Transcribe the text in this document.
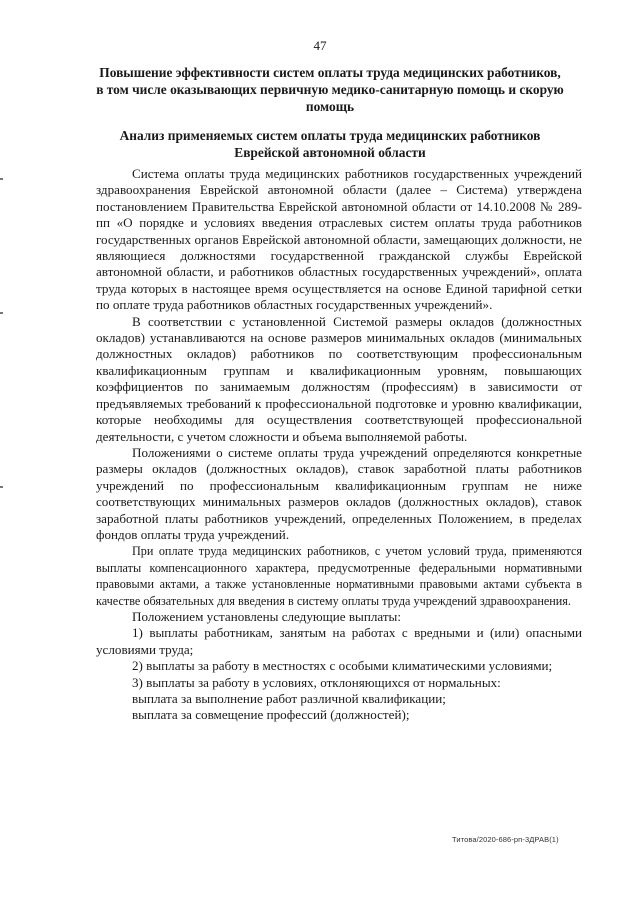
47
Повышение эффективности систем оплаты труда медицинских работников, в том числе оказывающих первичную медико-санитарную помощь и скорую помощь
Анализ применяемых систем оплаты труда медицинских работников Еврейской автономной области

Система оплаты труда медицинских работников государственных учреждений здравоохранения Еврейской автономной области (далее – Система) утверждена постановлением Правительства Еврейской автономной области от 14.10.2008 № 289-пп «О порядке и условиях введения отраслевых систем оплаты труда работников государственных органов Еврейской автономной области, замещающих должности, не являющиеся должностями государственной гражданской службы Еврейской автономной области, и работников областных государственных учреждений», оплата труда которых в настоящее время осуществляется на основе Единой тарифной сетки по оплате труда работников областных государственных учреждений».

В соответствии с установленной Системой размеры окладов (должностных окладов) устанавливаются на основе размеров минимальных окладов (минимальных должностных окладов) работников по соответствующим профессиональным квалификационным группам и квалификационным уровням, повышающих коэффициентов по занимаемым должностям (профессиям) в зависимости от предъявляемых требований к профессиональной подготовке и уровню квалификации, которые необходимы для осуществления соответствующей профессиональной деятельности, с учетом сложности и объема выполняемой работы.

Положениями о системе оплаты труда учреждений определяются конкретные размеры окладов (должностных окладов), ставок заработной платы работников учреждений по профессиональным квалификационным группам не ниже соответствующих минимальных размеров окладов (должностных окладов), ставок заработной платы работников учреждений, определенных Положением, в пределах фондов оплаты труда учреждений.

При оплате труда медицинских работников, с учетом условий труда, применяются выплаты компенсационного характера, предусмотренные федеральными нормативными правовыми актами, а также установленные нормативными правовыми актами субъекта в качестве обязательных для введения в систему оплаты труда учреждений здравоохранения.

Положением установлены следующие выплаты:

1) выплаты работникам, занятым на работах с вредными и (или) опасными условиями труда;

2) выплаты за работу в местностях с особыми климатическими условиями;

3) выплаты за работу в условиях, отклоняющихся от нормальных:

выплата за выполнение работ различной квалификации;

выплата за совмещение профессий (должностей);

Титова/2020-686-рп-3ДРАВ(1)
